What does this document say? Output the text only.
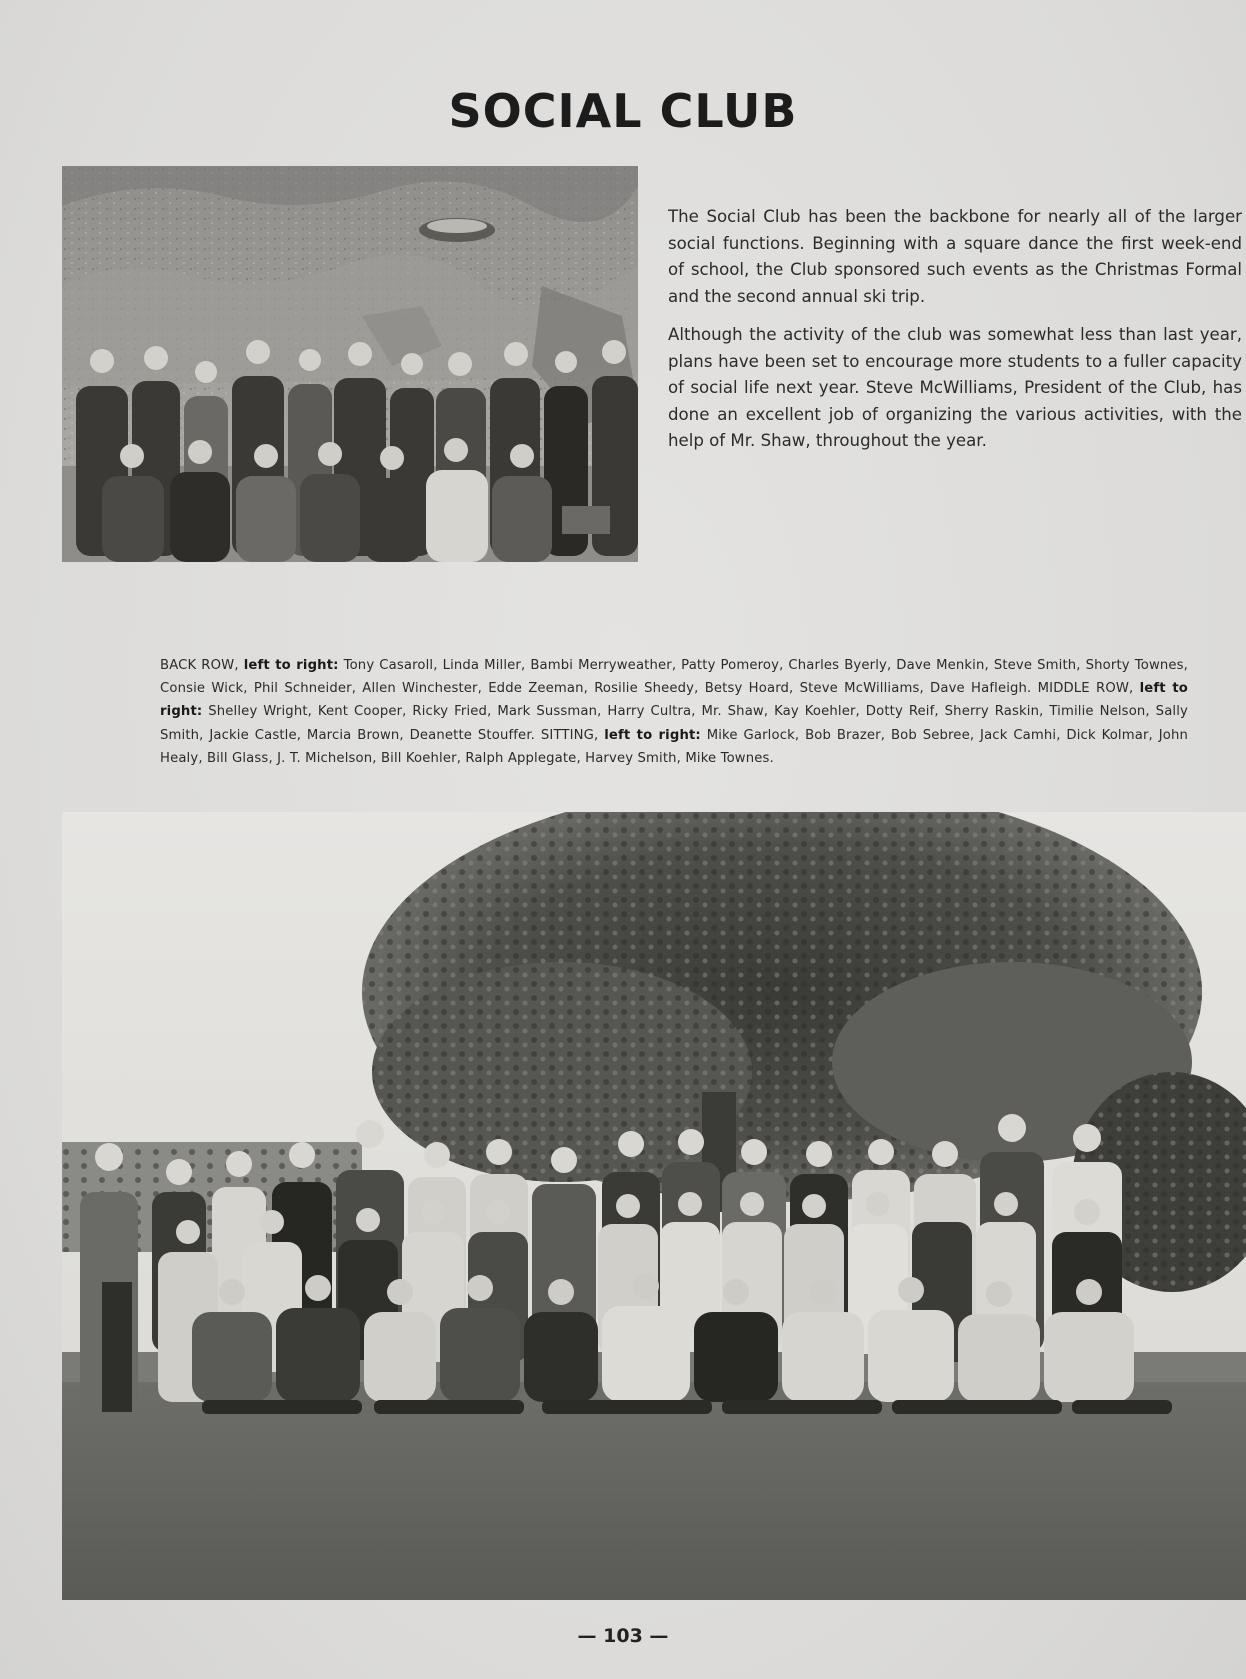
SOCIAL CLUB

The Social Club has been the backbone for nearly all of the larger social functions. Beginning with a square dance the first week-end of school, the Club sponsored such events as the Christmas Formal and the second annual ski trip.

Although the activity of the club was somewhat less than last year, plans have been set to encourage more students to a fuller capacity of social life next year. Steve McWilliams, President of the Club, has done an excellent job of organizing the various activities, with the help of Mr. Shaw, throughout the year.

BACK ROW, left to right: Tony Casaroll, Linda Miller, Bambi Merryweather, Patty Pomeroy, Charles Byerly, Dave Menkin, Steve Smith, Shorty Townes, Consie Wick, Phil Schneider, Allen Winchester, Edde Zeeman, Rosilie Sheedy, Betsy Hoard, Steve McWilliams, Dave Hafleigh. MIDDLE ROW, left to right: Shelley Wright, Kent Cooper, Ricky Fried, Mark Sussman, Harry Cultra, Mr. Shaw, Kay Koehler, Dotty Reif, Sherry Raskin, Timilie Nelson, Sally Smith, Jackie Castle, Marcia Brown, Deanette Stouffer. SITTING, left to right: Mike Garlock, Bob Brazer, Bob Sebree, Jack Camhi, Dick Kolmar, John Healy, Bill Glass, J. T. Michelson, Bill Koehler, Ralph Applegate, Harvey Smith, Mike Townes.
— 103 —
